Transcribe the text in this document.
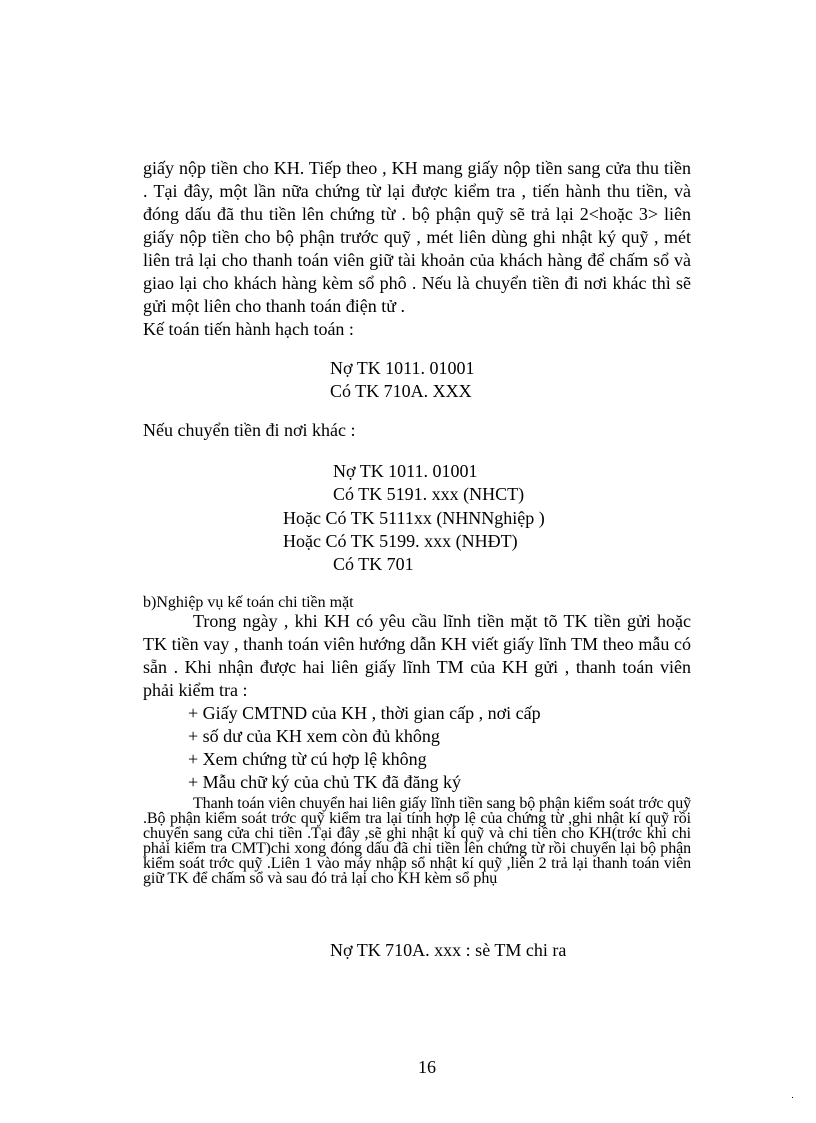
giấy nộp tiền cho KH. Tiếp theo , KH mang giấy nộp tiền sang cửa thu tiền . Tại đây, một lần nữa chứng từ lại được kiểm tra , tiến hành thu tiền, và đóng dấu đã thu tiền lên chứng từ . bộ phận quỹ sẽ trả lại 2<hoặc 3> liên giấy nộp tiền cho bộ phận trước quỹ , mét liên dùng ghi nhật ký quỹ , mét liên trả lại cho thanh toán viên giữ tài khoản của khách hàng để chấm sổ và giao lại cho khách hàng kèm sổ phô . Nếu là chuyển tiền đi nơi khác thì sẽ gửi một liên cho thanh toán điện tử .
Kế toán tiến hành hạch toán :
Nợ TK 1011. 01001
Có TK 710A. XXX
Nếu chuyển tiền đi nơi khác :
Nợ TK 1011. 01001
Có TK 5191. xxx (NHCT)
Hoặc Có TK 5111xx (NHNNghiệp )
Hoặc Có TK 5199. xxx (NHĐT)
Có TK 701
b)Nghiệp vụ kế toán chi tiền mặt
Trong ngày , khi KH có yêu cầu lĩnh tiền mặt tõ TK tiền gửi hoặc TK tiền vay , thanh toán viên hướng dẫn KH viết giấy lĩnh TM theo mẫu có sẵn . Khi nhận được hai liên giấy lĩnh TM của KH gửi , thanh toán viên phải kiểm tra :
+ Giấy CMTND của KH , thời gian cấp , nơi cấp
+ số dư của KH xem còn đủ không
+ Xem chứng từ cú hợp lệ không
+ Mẫu chữ ký của chủ TK đã đăng ký
Thanh toán viên chuyển hai liên giấy lĩnh tiền sang bộ phận kiểm soát trớc quỹ .Bộ phận kiểm soát trớc quỹ kiểm tra lại tính hợp lệ của chứng từ ,ghi nhật kí quỹ rồi chuyển sang cửa chi tiền .Tại đây ,sẽ ghi nhật kí quỹ và chi tiền cho KH(trớc khi chi phải kiểm tra CMT)chi xong đóng dấu đã chi tiền lên chứng từ rồi chuyển lại bộ phận kiểm soát trớc quỹ .Liên 1 vào máy nhập sổ nhật kí quỹ ,liên 2 trả lại thanh toán viên giữ TK để chấm sổ và sau đó trả lại cho KH kèm sổ phụ
Nợ TK 710A. xxx : sè TM chi ra
16
